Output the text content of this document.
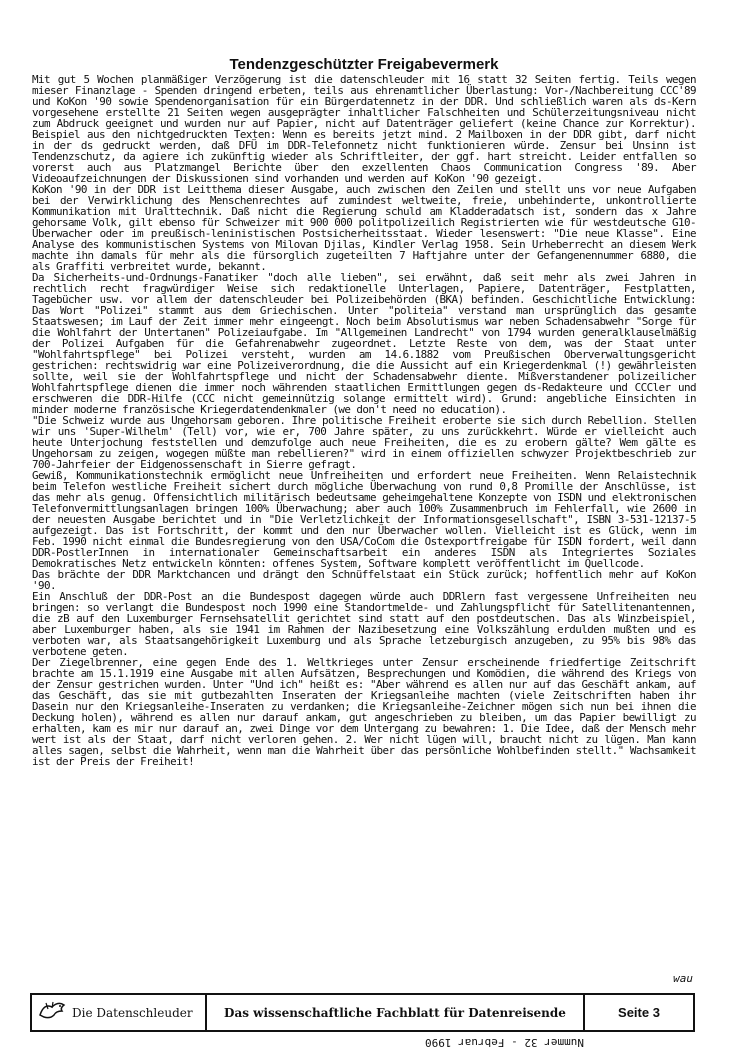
Tendenzgeschützter Freigabevermerk

Mit gut 5 Wochen planmäßiger Verzögerung ist die datenschleuder mit 16 statt 32 Seiten fertig. Teils wegen mieser Finanzlage - Spenden dringend erbeten, teils aus ehrenamtlicher Überlastung: Vor-/Nachbereitung CCC'89 und KoKon '90 sowie Spendenorganisation für ein Bürgerdatennetz in der DDR. Und schließlich waren als ds-Kern vorgesehene erstellte 21 Seiten wegen ausgeprägter inhaltlicher Falschheiten und Schülerzeitungsniveau nicht zum Abdruck geeignet und wurden nur auf Papier, nicht auf Datenträger geliefert (keine Chance zur Korrektur). Beispiel aus den nichtgedruckten Texten: Wenn es bereits jetzt mind. 2 Mailboxen in der DDR gibt, darf nicht in der ds gedruckt werden, daß DFÜ im DDR-Telefonnetz nicht funktionieren würde. Zensur bei Unsinn ist Tendenzschutz, da agiere ich zukünftig wieder als Schriftleiter, der ggf. hart streicht. Leider entfallen so vorerst auch aus Platzmangel Berichte über den exzellenten Chaos Communication Congress '89. Aber Videoaufzeichnungen der Diskussionen sind vorhanden und werden auf KoKon '90 gezeigt.

KoKon '90 in der DDR ist Leitthema dieser Ausgabe, auch zwischen den Zeilen und stellt uns vor neue Aufgaben bei der Verwirklichung des Menschenrechtes auf zumindest weltweite, freie, unbehinderte, unkontrollierte Kommunikation mit Uralttechnik. Daß nicht die Regierung schuld am Kladderadatsch ist, sondern das x Jahre gehorsame Volk, gilt ebenso für Schweizer mit 900 000 politpolizeilich Registrierten wie für westdeutsche G10-Überwacher oder im preußisch-leninistischen Postsicherheitsstaat. Wieder lesenswert: "Die neue Klasse". Eine Analyse des kommunistischen Systems von Milovan Djilas, Kindler Verlag 1958. Sein Urheberrecht an diesem Werk machte ihn damals für mehr als die fürsorglich zugeteilten 7 Haftjahre unter der Gefangenennummer 6880, die als Graffiti verbreitet wurde, bekannt.

Da Sicherheits-und-Ordnungs-Fanatiker "doch alle lieben", sei erwähnt, daß seit mehr als zwei Jahren in rechtlich recht fragwürdiger Weise sich redaktionelle Unterlagen, Papiere, Datenträger, Festplatten, Tagebücher usw. vor allem der datenschleuder bei Polizeibehörden (BKA) befinden. Geschichtliche Entwicklung: Das Wort "Polizei" stammt aus dem Griechischen. Unter "politeia" verstand man ursprünglich das gesamte Staatswesen; im Lauf der Zeit immer mehr eingeengt. Noch beim Absolutismus war neben Schadensabwehr "Sorge für die Wohlfahrt der Untertanen" Polizeiaufgabe. Im "Allgemeinen Landrecht" von 1794 wurden generalklauselmäßig der Polizei Aufgaben für die Gefahrenabwehr zugeordnet. Letzte Reste von dem, was der Staat unter "Wohlfahrtspflege" bei Polizei versteht, wurden am 14.6.1882 vom Preußischen Oberverwaltungsgericht gestrichen: rechtswidrig war eine Polizeiverordnung, die die Aussicht auf ein Kriegerdenkmal (!) gewährleisten sollte, weil sie der Wohlfahrtspflege und nicht der Schadensabwehr diente. Mißverstandener polizeilicher Wohlfahrtspflege dienen die immer noch währenden staatlichen Ermittlungen gegen ds-Redakteure und CCCler und erschweren die DDR-Hilfe (CCC nicht gemeinnützig solange ermittelt wird). Grund: angebliche Einsichten in minder moderne französische Kriegerdatendenkmaler (we don't need no education).

"Die Schweiz wurde aus Ungehorsam geboren. Ihre politische Freiheit eroberte sie sich durch Rebellion. Stellen wir uns 'Super-Wilhelm' (Tell) vor, wie er, 700 Jahre später, zu uns zurückkehrt. Würde er vielleicht auch heute Unterjochung feststellen und demzufolge auch neue Freiheiten, die es zu erobern gälte? Wem gälte es Ungehorsam zu zeigen, wogegen müßte man rebellieren?" wird in einem offiziellen schwyzer Projektbeschrieb zur 700-Jahrfeier der Eidgenossenschaft in Sierre gefragt.

Gewiß, Kommunikationstechnik ermöglicht neue Unfreiheiten und erfordert neue Freiheiten. Wenn Relaistechnik beim Telefon westliche Freiheit sichert durch mögliche Überwachung von rund 0,8 Promille der Anschlüsse, ist das mehr als genug. Offensichtlich militärisch bedeutsame geheimgehaltene Konzepte von ISDN und elektronischen Telefonvermittlungsanlagen bringen 100% Überwachung; aber auch 100% Zusammenbruch im Fehlerfall, wie 2600 in der neuesten Ausgabe berichtet und in "Die Verletzlichkeit der Informationsgesellschaft", ISBN 3-531-12137-5 aufgezeigt. Das ist Fortschritt, der kommt und den nur Überwacher wollen. Vielleicht ist es Glück, wenn im Feb. 1990 nicht einmal die Bundesregierung von den USA/CoCom die Ostexportfreigabe für ISDN fordert, weil dann DDR-PostlerInnen in internationaler Gemeinschaftsarbeit ein anderes ISDN als Integriertes Soziales Demokratisches Netz entwickeln könnten: offenes System, Software komplett veröffentlicht im Quellcode.

Das brächte der DDR Marktchancen und drängt den Schnüffelstaat ein Stück zurück; hoffentlich mehr auf KoKon '90.

Ein Anschluß der DDR-Post an die Bundespost dagegen würde auch DDRlern fast vergessene Unfreiheiten neu bringen: so verlangt die Bundespost noch 1990 eine Standortmelde- und Zahlungspflicht für Satellitenantennen, die zB auf den Luxemburger Fernsehsatellit gerichtet sind statt auf den postdeutschen. Das als Winzbeispiel, aber Luxemburger haben, als sie 1941 im Rahmen der Nazibesetzung eine Volkszählung erdulden mußten und es verboten war, als Staatsangehörigkeit Luxemburg und als Sprache letzeburgisch anzugeben, zu 95% bis 98% das verbotene geten.

Der Ziegelbrenner, eine gegen Ende des 1. Weltkrieges unter Zensur erscheinende friedfertige Zeitschrift brachte am 15.1.1919 eine Ausgabe mit allen Aufsätzen, Besprechungen und Komödien, die während des Kriegs von der Zensur gestrichen wurden. Unter "Und ich" heißt es: "Aber während es allen nur auf das Geschäft ankam, auf das Geschäft, das sie mit gutbezahlten Inseraten der Kriegsanleihe machten (viele Zeitschriften haben ihr Dasein nur den Kriegsanleihe-Inseraten zu verdanken; die Kriegsanleihe-Zeichner mögen sich nun bei ihnen die Deckung holen), während es allen nur darauf ankam, gut angeschrieben zu bleiben, um das Papier bewilligt zu erhalten, kam es mir nur darauf an, zwei Dinge vor dem Untergang zu bewahren: 1. Die Idee, daß der Mensch mehr wert ist als der Staat, darf nicht verloren gehen. 2. Wer nicht lügen will, braucht nicht zu lügen. Man kann alles sagen, selbst die Wahrheit, wenn man die Wahrheit über das persönliche Wohlbefinden stellt." Wachsamkeit ist der Preis der Freiheit!

wau
Die Datenschleuder	Das wissenschaftliche Fachblatt für Datenreisende	Seite 3
Nummer 32 - Februar 1990
